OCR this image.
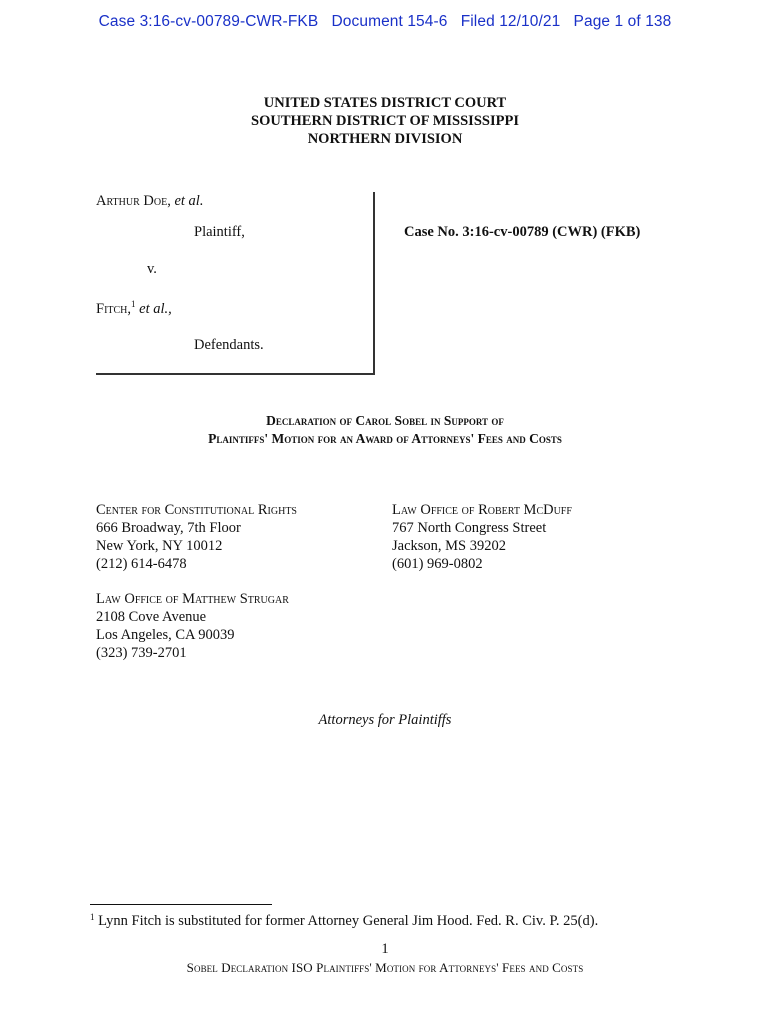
Case 3:16-cv-00789-CWR-FKB   Document 154-6   Filed 12/10/21   Page 1 of 138
UNITED STATES DISTRICT COURT
SOUTHERN DISTRICT OF MISSISSIPPI
NORTHERN DIVISION
Arthur Doe, et al.
Plaintiff,
v.
Fitch,$^1$ et al.,
Defendants.
Case No. 3:16-cv-00789 (CWR) (FKB)
Declaration of Carol Sobel in Support of
Plaintiffs' Motion for an Award of Attorneys' Fees and Costs
Center for Constitutional Rights
666 Broadway, 7th Floor
New York, NY 10012
(212) 614-6478
Law Office of Robert McDuff
767 North Congress Street
Jackson, MS 39202
(601) 969-0802
Law Office of Matthew Strugar
2108 Cove Avenue
Los Angeles, CA 90039
(323) 739-2701
Attorneys for Plaintiffs
$^1$ Lynn Fitch is substituted for former Attorney General Jim Hood. Fed. R. Civ. P. 25(d).
1
Sobel Declaration ISO Plaintiffs' Motion for Attorneys' Fees and Costs
